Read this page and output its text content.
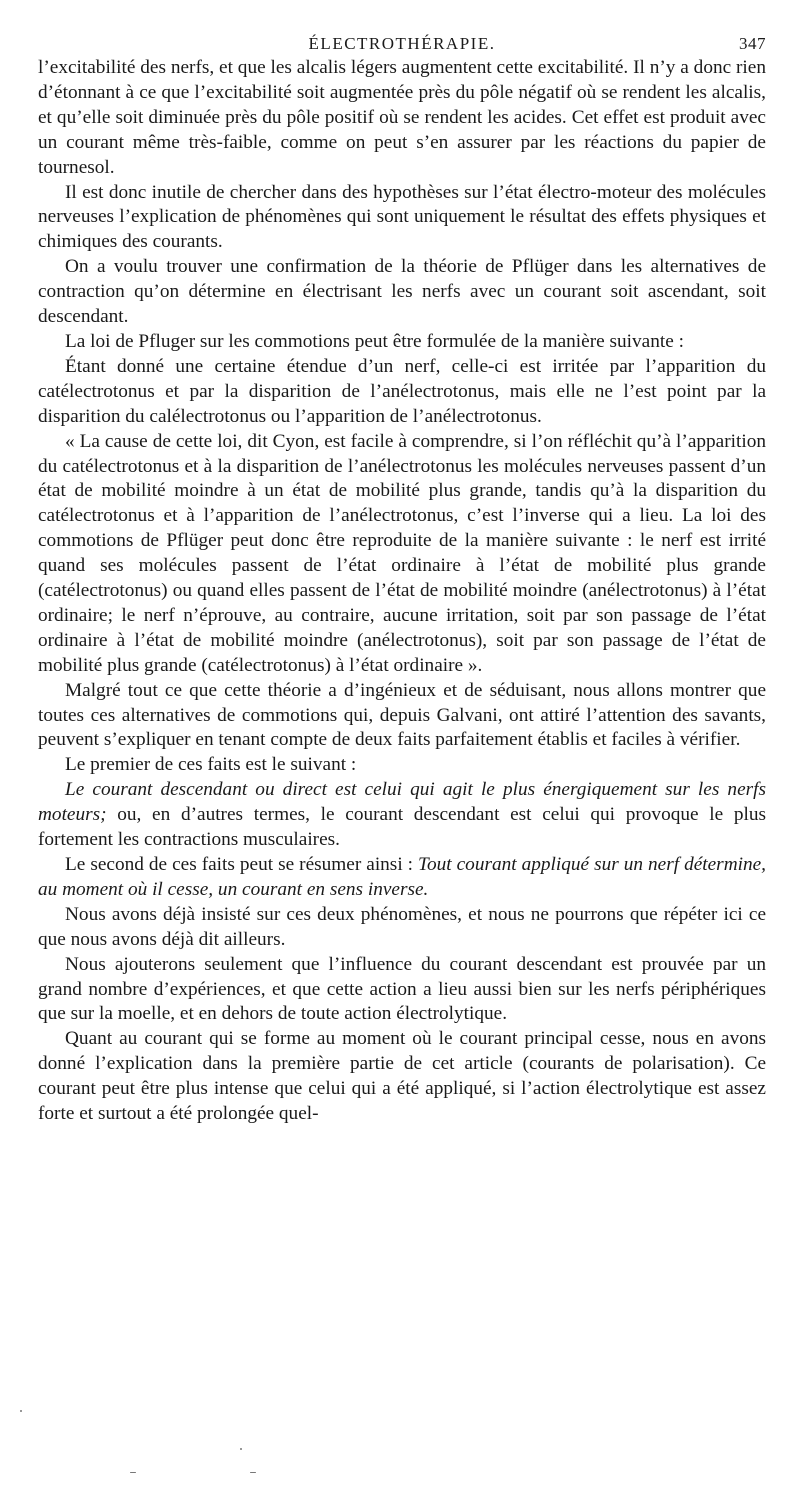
ÉLECTROTHÉRAPIE.	347

l’excitabilité des nerfs, et que les alcalis légers augmentent cette excitabilité. Il n’y a donc rien d’étonnant à ce que l’excitabilité soit augmentée près du pôle négatif où se rendent les alcalis, et qu’elle soit diminuée près du pôle positif où se rendent les acides. Cet effet est produit avec un courant même très-faible, comme on peut s’en assurer par les réactions du papier de tournesol.

Il est donc inutile de chercher dans des hypothèses sur l’état électro-moteur des molécules nerveuses l’explication de phénomènes qui sont uniquement le résultat des effets physiques et chimiques des courants.

On a voulu trouver une confirmation de la théorie de Pflüger dans les alternatives de contraction qu’on détermine en électrisant les nerfs avec un courant soit ascendant, soit descendant.

La loi de Pfluger sur les commotions peut être formulée de la manière suivante :

Étant donné une certaine étendue d’un nerf, celle-ci est irritée par l’apparition du catélectrotonus et par la disparition de l’anélectrotonus, mais elle ne l’est point par la disparition du calélectrotonus ou l’apparition de l’anélectrotonus.

« La cause de cette loi, dit Cyon, est facile à comprendre, si l’on réfléchit qu’à l’apparition du catélectrotonus et à la disparition de l’anélectrotonus les molécules nerveuses passent d’un état de mobilité moindre à un état de mobilité plus grande, tandis qu’à la disparition du catélectrotonus et à l’apparition de l’anélectrotonus, c’est l’inverse qui a lieu. La loi des commotions de Pflüger peut donc être reproduite de la manière suivante : le nerf est irrité quand ses molécules passent de l’état ordinaire à l’état de mobilité plus grande (catélectrotonus) ou quand elles passent de l’état de mobilité moindre (anélectrotonus) à l’état ordinaire; le nerf n’éprouve, au contraire, aucune irritation, soit par son passage de l’état ordinaire à l’état de mobilité moindre (anélectrotonus), soit par son passage de l’état de mobilité plus grande (catélectrotonus) à l’état ordinaire ».

Malgré tout ce que cette théorie a d’ingénieux et de séduisant, nous allons montrer que toutes ces alternatives de commotions qui, depuis Galvani, ont attiré l’attention des savants, peuvent s’expliquer en tenant compte de deux faits parfaitement établis et faciles à vérifier.

Le premier de ces faits est le suivant :

Le courant descendant ou direct est celui qui agit le plus énergiquement sur les nerfs moteurs; ou, en d’autres termes, le courant descendant est celui qui provoque le plus fortement les contractions musculaires.

Le second de ces faits peut se résumer ainsi : Tout courant appliqué sur un nerf détermine, au moment où il cesse, un courant en sens inverse.

Nous avons déjà insisté sur ces deux phénomènes, et nous ne pourrons que répéter ici ce que nous avons déjà dit ailleurs.

Nous ajouterons seulement que l’influence du courant descendant est prouvée par un grand nombre d’expériences, et que cette action a lieu aussi bien sur les nerfs périphériques que sur la moelle, et en dehors de toute action électrolytique.

Quant au courant qui se forme au moment où le courant principal cesse, nous en avons donné l’explication dans la première partie de cet article (courants de polarisation). Ce courant peut être plus intense que celui qui a été appliqué, si l’action électrolytique est assez forte et surtout a été prolongée quel-
